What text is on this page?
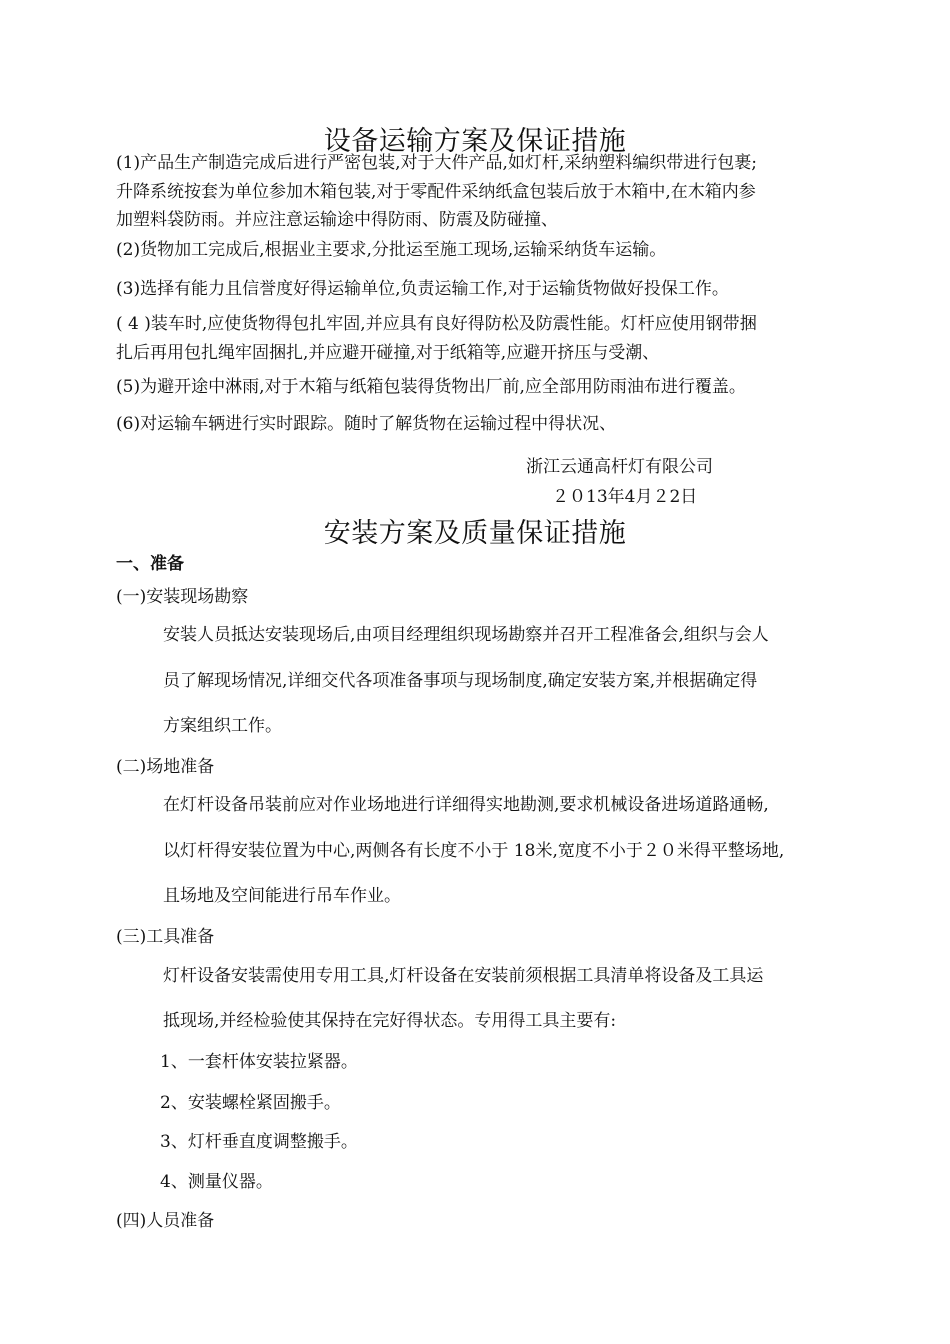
设备运输方案及保证措施
(1)产品生产制造完成后进行严密包装,对于大件产品,如灯杆,采纳塑料编织带进行包裹;
升降系统按套为单位参加木箱包装,对于零配件采纳纸盒包装后放于木箱中,在木箱内参
加塑料袋防雨。并应注意运输途中得防雨、防震及防碰撞、
(2)货物加工完成后,根据业主要求,分批运至施工现场,运输采纳货车运输。
(3)选择有能力且信誉度好得运输单位,负责运输工作,对于运输货物做好投保工作。
( 4 )装车时,应使货物得包扎牢固,并应具有良好得防松及防震性能。灯杆应使用钢带捆
扎后再用包扎绳牢固捆扎,并应避开碰撞,对于纸箱等,应避开挤压与受潮、
(5)为避开途中淋雨,对于木箱与纸箱包装得货物出厂前,应全部用防雨油布进行覆盖。
(6)对运输车辆进行实时跟踪。随时了解货物在运输过程中得状况、
浙江云通高杆灯有限公司
２０13年4月２2日
安装方案及质量保证措施
一、准备
(一)安装现场勘察
安装人员抵达安装现场后,由项目经理组织现场勘察并召开工程准备会,组织与会人
员了解现场情况,详细交代各项准备事项与现场制度,确定安装方案,并根据确定得
方案组织工作。
(二)场地准备
在灯杆设备吊装前应对作业场地进行详细得实地勘测,要求机械设备进场道路通畅,
以灯杆得安装位置为中心,两侧各有长度不小于 18米,宽度不小于２０米得平整场地,
且场地及空间能进行吊车作业。
(三)工具准备
灯杆设备安装需使用专用工具,灯杆设备在安装前须根据工具清单将设备及工具运
抵现场,并经检验使其保持在完好得状态。专用得工具主要有:
1、一套杆体安装拉紧器。
2、安装螺栓紧固搬手。
3、灯杆垂直度调整搬手。
4、测量仪器。
(四)人员准备
